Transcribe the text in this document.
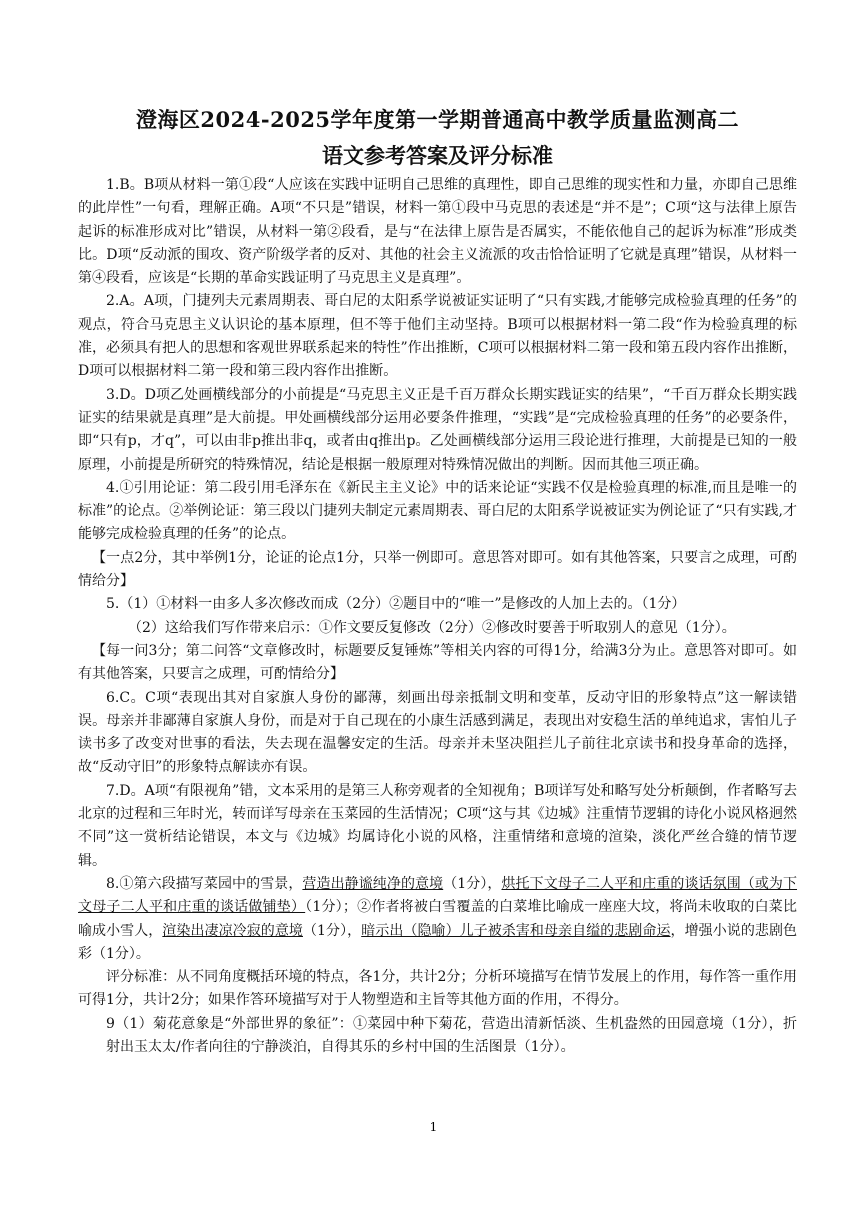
澄海区2024-2025学年度第一学期普通高中教学质量监测高二
语文参考答案及评分标准

1.B。B项从材料一第①段“人应该在实践中证明自己思维的真理性，即自己思维的现实性和力量，亦即自己思维的此岸性”一句看，理解正确。A项“不只是”错误，材料一第①段中马克思的表述是“并不是”；C项“这与法律上原告起诉的标准形成对比”错误，从材料一第②段看，是与“在法律上原告是否属实，不能依他自己的起诉为标准”形成类比。D项“反动派的围攻、资产阶级学者的反对、其他的社会主义流派的攻击恰恰证明了它就是真理”错误，从材料一第④段看，应该是“长期的革命实践证明了马克思主义是真理”。

2.A。A项，门捷列夫元素周期表、哥白尼的太阳系学说被证实证明了“只有实践,才能够完成检验真理的任务”的观点，符合马克思主义认识论的基本原理，但不等于他们主动坚持。B项可以根据材料一第二段“作为检验真理的标准，必须具有把人的思想和客观世界联系起来的特性”作出推断，C项可以根据材料二第一段和第五段内容作出推断，D项可以根据材料二第一段和第三段内容作出推断。

3.D。D项乙处画横线部分的小前提是“马克思主义正是千百万群众长期实践证实的结果”，“千百万群众长期实践证实的结果就是真理”是大前提。甲处画横线部分运用必要条件推理，“实践”是“完成检验真理的任务”的必要条件，即“只有p，才q”，可以由非p推出非q，或者由q推出p。乙处画横线部分运用三段论进行推理，大前提是已知的一般原理，小前提是所研究的特殊情况，结论是根据一般原理对特殊情况做出的判断。因而其他三项正确。

4.①引用论证：第二段引用毛泽东在《新民主主义论》中的话来论证“实践不仅是检验真理的标准,而且是唯一的标准”的论点。②举例论证：第三段以门捷列夫制定元素周期表、哥白尼的太阳系学说被证实为例论证了“只有实践,才能够完成检验真理的任务”的论点。

【一点2分，其中举例1分，论证的论点1分，只举一例即可。意思答对即可。如有其他答案，只要言之成理，可酌情给分】

5.（1）①材料一由多人多次修改而成（2分）②题目中的“唯一”是修改的人加上去的。（1分）

（2）这给我们写作带来启示：①作文要反复修改（2分）②修改时要善于听取别人的意见（1分）。

【每一问3分；第二问答“文章修改时，标题要反复锤炼”等相关内容的可得1分，给满3分为止。意思答对即可。如有其他答案，只要言之成理，可酌情给分】

6.C。C项“表现出其对自家旗人身份的鄙薄，刻画出母亲抵制文明和变革，反动守旧的形象特点”这一解读错误。母亲并非鄙薄自家旗人身份，而是对于自己现在的小康生活感到满足，表现出对安稳生活的单纯追求，害怕儿子读书多了改变对世事的看法，失去现在温馨安定的生活。母亲并未坚决阻拦儿子前往北京读书和投身革命的选择，故“反动守旧”的形象特点解读亦有误。

7.D。A项“有限视角”错，文本采用的是第三人称旁观者的全知视角；B项详写处和略写处分析颠倒，作者略写去北京的过程和三年时光，转而详写母亲在玉菜园的生活情况；C项“这与其《边城》注重情节逻辑的诗化小说风格迥然不同”这一赏析结论错误，本文与《边城》均属诗化小说的风格，注重情绪和意境的渲染，淡化严丝合缝的情节逻辑。

8.①第六段描写菜园中的雪景，营造出静谧纯净的意境（1分），烘托下文母子二人平和庄重的谈话氛围（或为下文母子二人平和庄重的谈话做铺垫）（1分）；②作者将被白雪覆盖的白菜堆比喻成一座座大坟，将尚未收取的白菜比喻成小雪人，渲染出凄凉冷寂的意境（1分），暗示出（隐喻）儿子被杀害和母亲自缢的悲剧命运，增强小说的悲剧色彩（1分）。

评分标准：从不同角度概括环境的特点，各1分，共计2分；分析环境描写在情节发展上的作用，每作答一重作用可得1分，共计2分；如果作答环境描写对于人物塑造和主旨等其他方面的作用，不得分。

9（1）菊花意象是“外部世界的象征”：①菜园中种下菊花，营造出清新恬淡、生机盎然的田园意境（1分），折射出玉太太/作者向往的宁静淡泊，自得其乐的乡村中国的生活图景（1分）。

1
